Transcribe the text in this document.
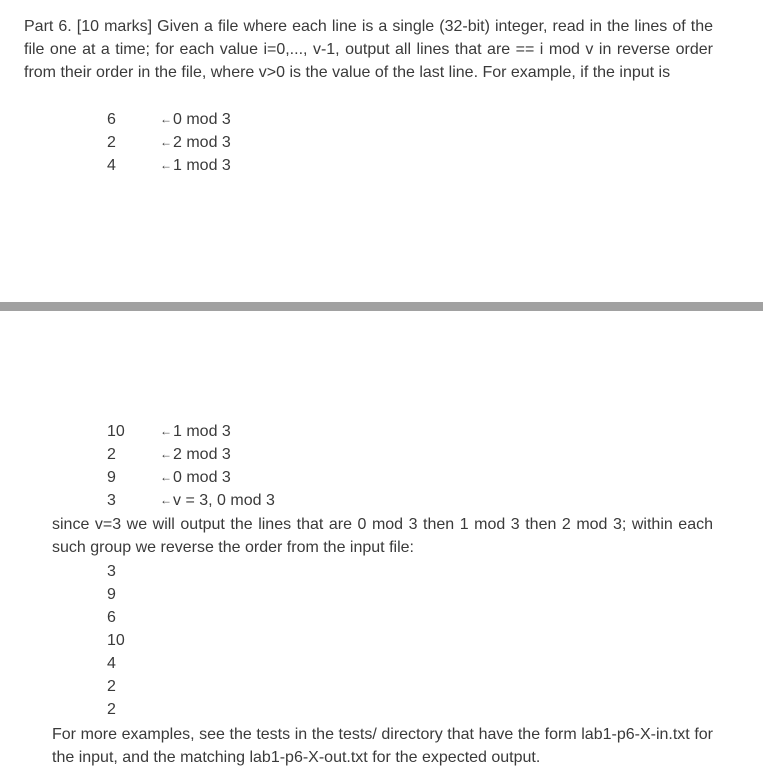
Part 6. [10 marks] Given a file where each line is a single (32-bit) integer, read in the lines of the file one at a time; for each value i=0,..., v-1, output all lines that are == i mod v in reverse order from their order in the file, where v>0 is the value of the last line. For example, if the input is
6	← 0 mod 3
2	← 2 mod 3
4	← 1 mod 3
10	← 1 mod 3
2	← 2 mod 3
9	← 0 mod 3
3	← v = 3, 0 mod 3
since v=3 we will output the lines that are 0 mod 3 then 1 mod 3 then 2 mod 3; within each such group we reverse the order from the input file:
3
9
6
10
4
2
2
For more examples, see the tests in the tests/ directory that have the form lab1-p6-X-in.txt for the input, and the matching lab1-p6-X-out.txt for the expected output.
